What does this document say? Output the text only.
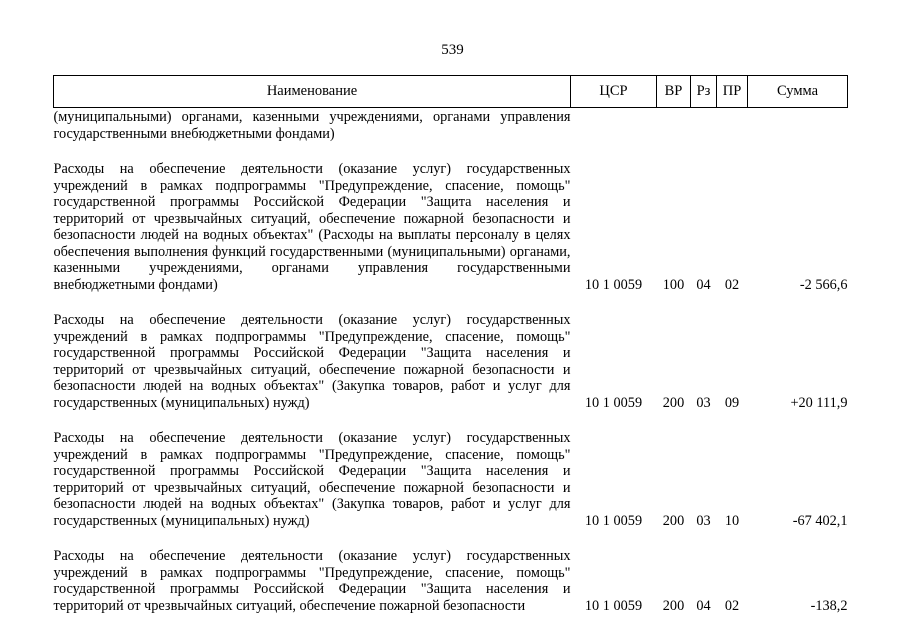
539
Наименование	ЦСР	ВР	Рз	ПР	Сумма
(муниципальными) органами, казенными учреждениями, органами управления государственными внебюджетными фондами)					
Расходы на обеспечение деятельности (оказание услуг) государственных учреждений в рамках подпрограммы "Предупреждение, спасение, помощь" государственной программы Российской Федерации "Защита населения и территорий от чрезвычайных ситуаций, обеспечение пожарной безопасности и безопасности людей на водных объектах" (Расходы на выплаты персоналу в целях обеспечения выполнения функций государственными (муниципальными) органами, казенными учреждениями, органами управления государственными внебюджетными фондами)	10 1 0059	100	04	02	-2 566,6
Расходы на обеспечение деятельности (оказание услуг) государственных учреждений в рамках подпрограммы "Предупреждение, спасение, помощь" государственной программы Российской Федерации "Защита населения и территорий от чрезвычайных ситуаций, обеспечение пожарной безопасности и безопасности людей на водных объектах" (Закупка товаров, работ и услуг для государственных (муниципальных) нужд)	10 1 0059	200	03	09	+20 111,9
Расходы на обеспечение деятельности (оказание услуг) государственных учреждений в рамках подпрограммы "Предупреждение, спасение, помощь" государственной программы Российской Федерации "Защита населения и территорий от чрезвычайных ситуаций, обеспечение пожарной безопасности и безопасности людей на водных объектах" (Закупка товаров, работ и услуг для государственных (муниципальных) нужд)	10 1 0059	200	03	10	-67 402,1
Расходы на обеспечение деятельности (оказание услуг) государственных учреждений в рамках подпрограммы "Предупреждение, спасение, помощь" государственной программы Российской Федерации "Защита населения и территорий от чрезвычайных ситуаций, обеспечение пожарной безопасности	10 1 0059	200	04	02	-138,2
